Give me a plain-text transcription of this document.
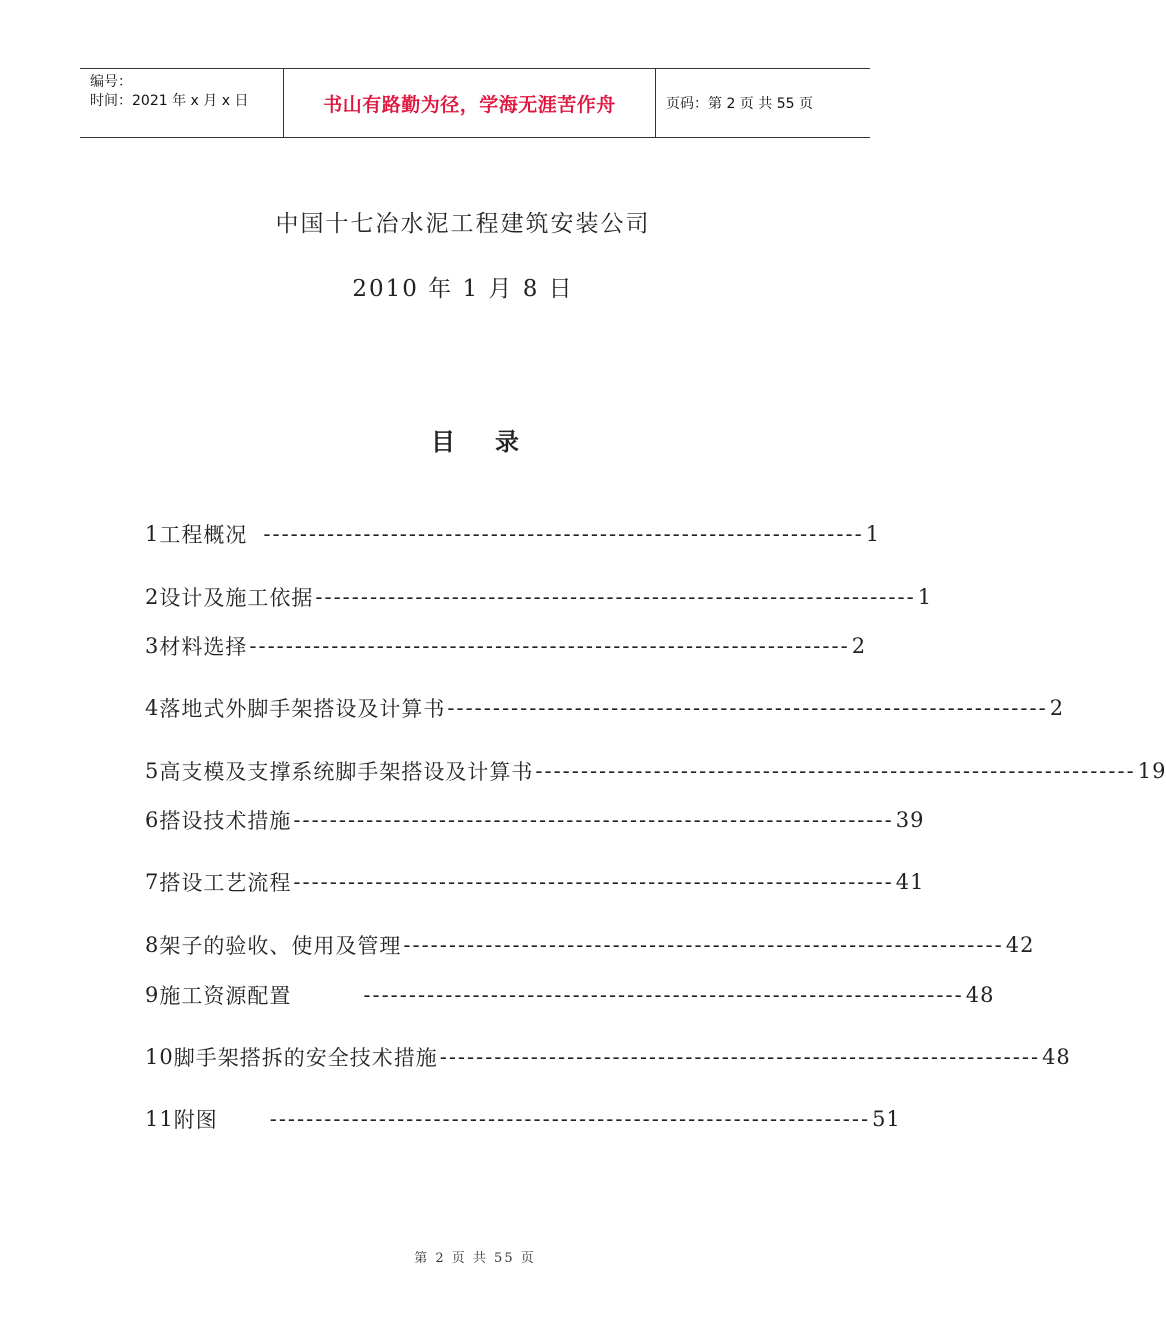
编号：
时间：2021 年 x 月 x 日	书山有路勤为径，学海无涯苦作舟	页码：第 2 页 共 55 页
中国十七冶水泥工程建筑安装公司
2010 年 1 月 8 日
目录
1 工程概况 ------------------------------------------------------------------ 1
2 设计及施工依据 ------------------------------------------------------------------ 1
3 材料选择 ------------------------------------------------------------------ 2
4 落地式外脚手架搭设及计算书 ------------------------------------------------------------------ 2
5 高支模及支撑系统脚手架搭设及计算书 ------------------------------------------------------------------ 19
6 搭设技术措施 ------------------------------------------------------------------ 39
7 搭设工艺流程 ------------------------------------------------------------------ 41
8 架子的验收、使用及管理 ------------------------------------------------------------------ 42
9 施工资源配置	------------------------------------------------------------------ 48
10 脚手架搭拆的安全技术措施 ------------------------------------------------------------------ 48
11 附图	------------------------------------------------------------------ 51
第 2 页 共 55 页
